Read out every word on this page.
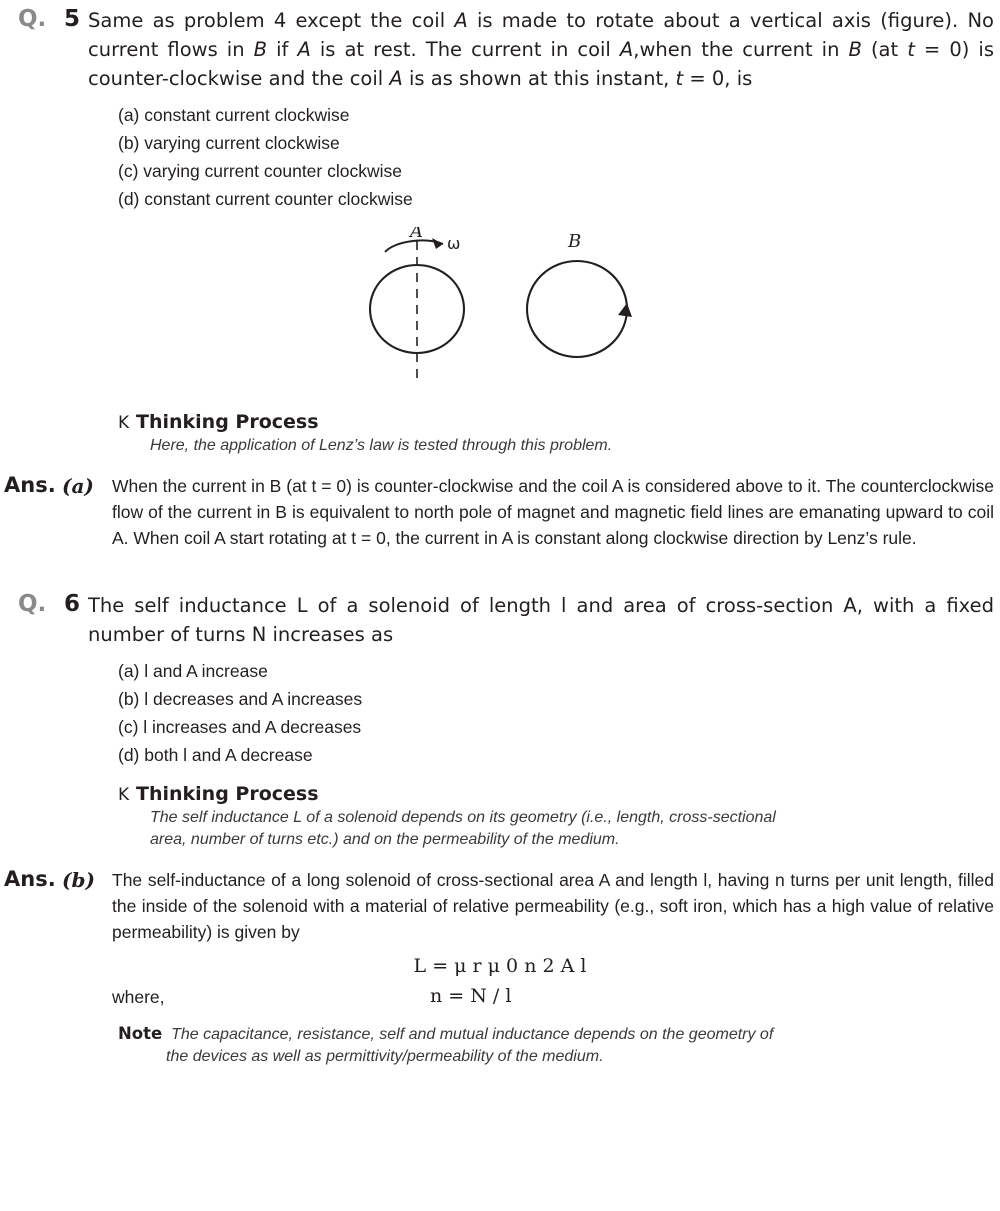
Q. 5 Same as problem 4 except the coil A is made to rotate about a vertical axis (figure). No current flows in B if A is at rest. The current in coil A,when the current in B (at t = 0) is counter-clockwise and the coil A is as shown at this instant, t = 0, is

(a) constant current clockwise
(b) varying current clockwise
(c) varying current counter clockwise
(d) constant current counter clockwise
A
ω	B
K Thinking Process
Here, the application of Lenz’s law is tested through this problem.
Ans. (a) When the current in B (at t = 0) is counter-clockwise and the coil A is considered above to it. The counterclockwise flow of the current in B is equivalent to north pole of magnet and magnetic field lines are emanating upward to coil A. When coil A start rotating at t = 0, the current in A is constant along clockwise direction by Lenz’s rule.
Q. 6 The self inductance L of a solenoid of length l and area of cross-section A, with a fixed number of turns N increases as

(a) l and A increase
(b) l decreases and A increases
(c) l increases and A decreases
(d) both l and A decrease
K Thinking Process
The self inductance L of a solenoid depends on its geometry (i.e., length, cross-sectional
area, number of turns etc.) and on the permeability of the medium.
Ans. (b) The self-inductance of a long solenoid of cross-sectional area A and length l, having n turns per unit length, filled the inside of the solenoid with a material of relative permeability (e.g., soft iron, which has a high value of relative permeability) is given by
L = μ r μ 0 n 2 A l
where,	n = N / l
Note The capacitance, resistance, self and mutual inductance depends on the geometry of
the devices as well as permittivity/permeability of the medium.
